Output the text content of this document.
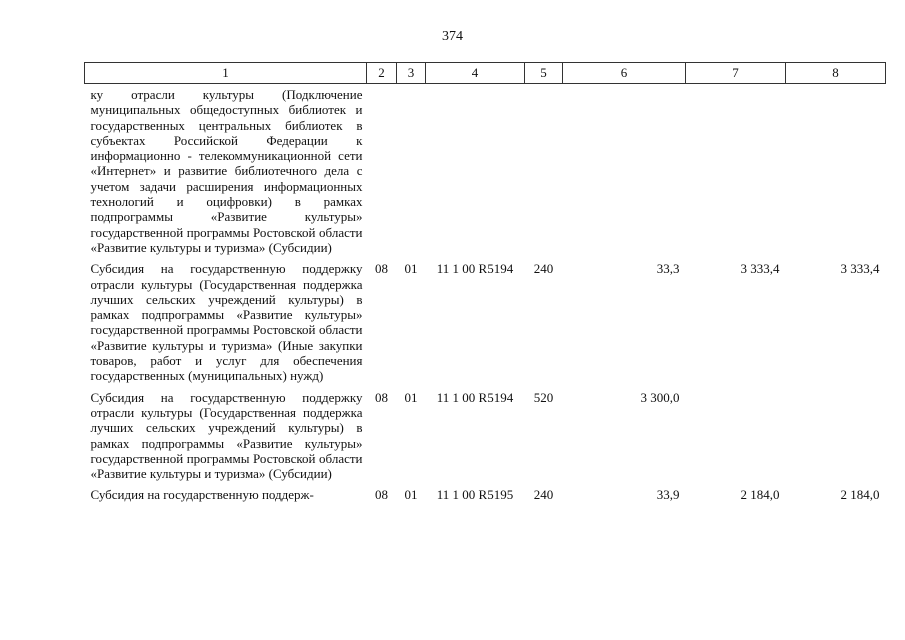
374
1	2	3	4	5	6	7	8
ку отрасли культуры (Подключение муниципальных общедоступных библиотек и государственных центральных библиотек в субъектах Российской Федерации к информационно - телекоммуникационной сети «Интернет» и развитие библиотечного дела с учетом задачи расширения информационных технологий и оцифровки) в рамках подпрограммы «Развитие культуры» государственной программы Ростовской области «Развитие культуры и туризма» (Субсидии)							
Субсидия на государственную поддержку отрасли культуры (Государственная поддержка лучших сельских учреждений культуры) в рамках подпрограммы «Развитие культуры» государственной программы Ростовской области «Развитие культуры и туризма» (Иные закупки товаров, работ и услуг для обеспечения государственных (муниципальных) нужд)	08	01	11 1 00 R5194	240	33,3	3 333,4	3 333,4
Субсидия на государственную поддержку отрасли культуры (Государственная поддержка лучших сельских учреждений культуры) в рамках подпрограммы «Развитие культуры» государственной программы Ростовской области «Развитие культуры и туризма» (Субсидии)	08	01	11 1 00 R5194	520	3 300,0		
Субсидия на государственную поддерж-	08	01	11 1 00 R5195	240	33,9	2 184,0	2 184,0
